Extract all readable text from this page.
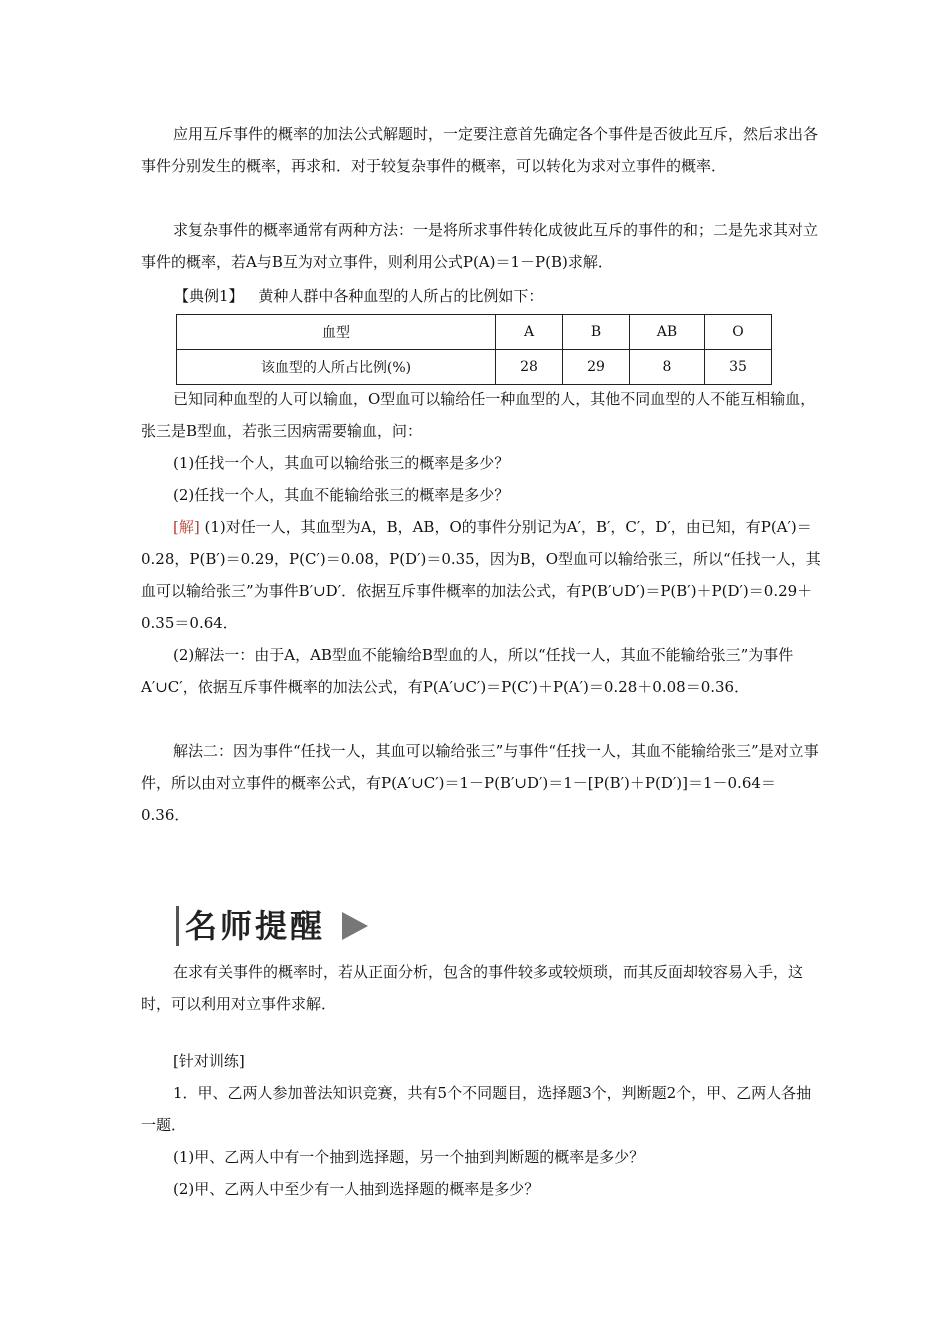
应用互斥事件的概率的加法公式解题时，一定要注意首先确定各个事件是否彼此互斥，然后求出各事件分别发生的概率，再求和．对于较复杂事件的概率，可以转化为求对立事件的概率．

求复杂事件的概率通常有两种方法：一是将所求事件转化成彼此互斥的事件的和；二是先求其对立事件的概率，若A与B互为对立事件，则利用公式P(A)＝1－P(B)求解．

【典例1】 黄种人群中各种血型的人所占的比例如下：
血型	A	B	AB	O
该血型的人所占比例(%)	28	29	8	35

已知同种血型的人可以输血，O型血可以输给任一种血型的人，其他不同血型的人不能互相输血，张三是B型血，若张三因病需要输血，问：

(1)任找一个人，其血可以输给张三的概率是多少？

(2)任找一个人，其血不能输给张三的概率是多少？

[解] (1)对任一人，其血型为A，B，AB，O的事件分别记为A′，B′，C′，D′，由已知，有P(A′)＝0.28，P(B′)＝0.29，P(C′)＝0.08，P(D′)＝0.35，因为B，O型血可以输给张三，所以“任找一人，其血可以输给张三”为事件B′∪D′．依据互斥事件概率的加法公式，有P(B′∪D′)＝P(B′)＋P(D′)＝0.29＋0.35＝0.64．

(2)解法一：由于A，AB型血不能输给B型血的人，所以“任找一人，其血不能输给张三”为事件A′∪C′，依据互斥事件概率的加法公式，有P(A′∪C′)＝P(C′)＋P(A′)＝0.28＋0.08＝0.36．

解法二：因为事件“任找一人，其血可以输给张三”与事件“任找一人，其血不能输给张三”是对立事件，所以由对立事件的概率公式，有P(A′∪C′)＝1－P(B′∪D′)＝1－[P(B′)＋P(D′)]＝1－0.64＝0.36．

名师提醒

在求有关事件的概率时，若从正面分析，包含的事件较多或较烦琐，而其反面却较容易入手，这时，可以利用对立事件求解．

[针对训练]

1．甲、乙两人参加普法知识竞赛，共有5个不同题目，选择题3个，判断题2个，甲、乙两人各抽一题．

(1)甲、乙两人中有一个抽到选择题，另一个抽到判断题的概率是多少？

(2)甲、乙两人中至少有一人抽到选择题的概率是多少？
